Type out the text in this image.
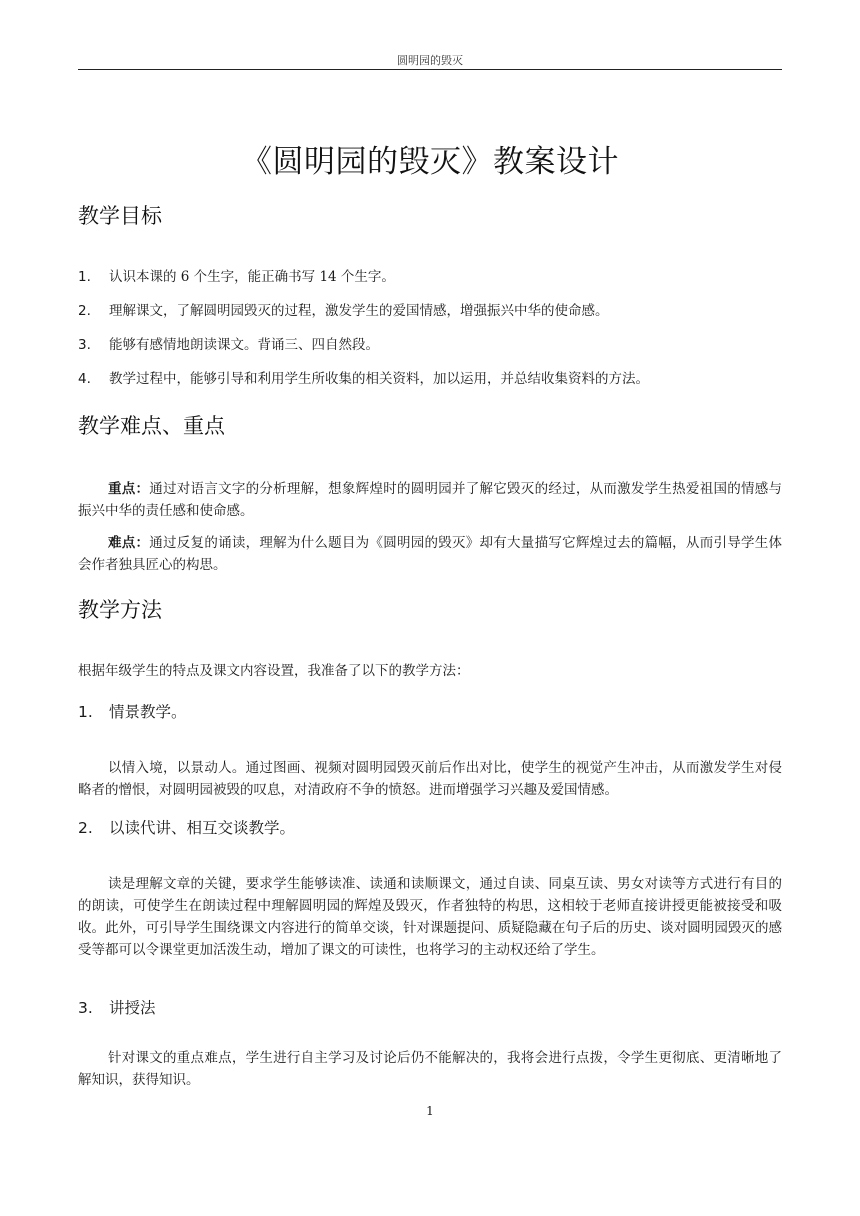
圆明园的毁灭
《圆明园的毁灭》教案设计
教学目标
1. 认识本课的 6 个生字，能正确书写 14 个生字。
2. 理解课文，了解圆明园毁灭的过程，激发学生的爱国情感，增强振兴中华的使命感。
3. 能够有感情地朗读课文。背诵三、四自然段。
4. 教学过程中，能够引导和利用学生所收集的相关资料，加以运用，并总结收集资料的方法。
教学难点、重点
重点：通过对语言文字的分析理解，想象辉煌时的圆明园并了解它毁灭的经过，从而激发学生热爱祖国的情感与振兴中华的责任感和使命感。
难点：通过反复的诵读，理解为什么题目为《圆明园的毁灭》却有大量描写它辉煌过去的篇幅，从而引导学生体会作者独具匠心的构思。
教学方法
根据年级学生的特点及课文内容设置，我准备了以下的教学方法：
1. 情景教学。
以情入境，以景动人。通过图画、视频对圆明园毁灭前后作出对比，使学生的视觉产生冲击，从而激发学生对侵略者的憎恨，对圆明园被毁的叹息，对清政府不争的愤怒。进而增强学习兴趣及爱国情感。
2. 以读代讲、相互交谈教学。
读是理解文章的关键，要求学生能够读准、读通和读顺课文，通过自读、同桌互读、男女对读等方式进行有目的的朗读，可使学生在朗读过程中理解圆明园的辉煌及毁灭，作者独特的构思，这相较于老师直接讲授更能被接受和吸收。此外，可引导学生围绕课文内容进行的简单交谈，针对课题提问、质疑隐藏在句子后的历史、谈对圆明园毁灭的感受等都可以令课堂更加活泼生动，增加了课文的可读性，也将学习的主动权还给了学生。
3. 讲授法
针对课文的重点难点，学生进行自主学习及讨论后仍不能解决的，我将会进行点拨，令学生更彻底、更清晰地了解知识，获得知识。
1
